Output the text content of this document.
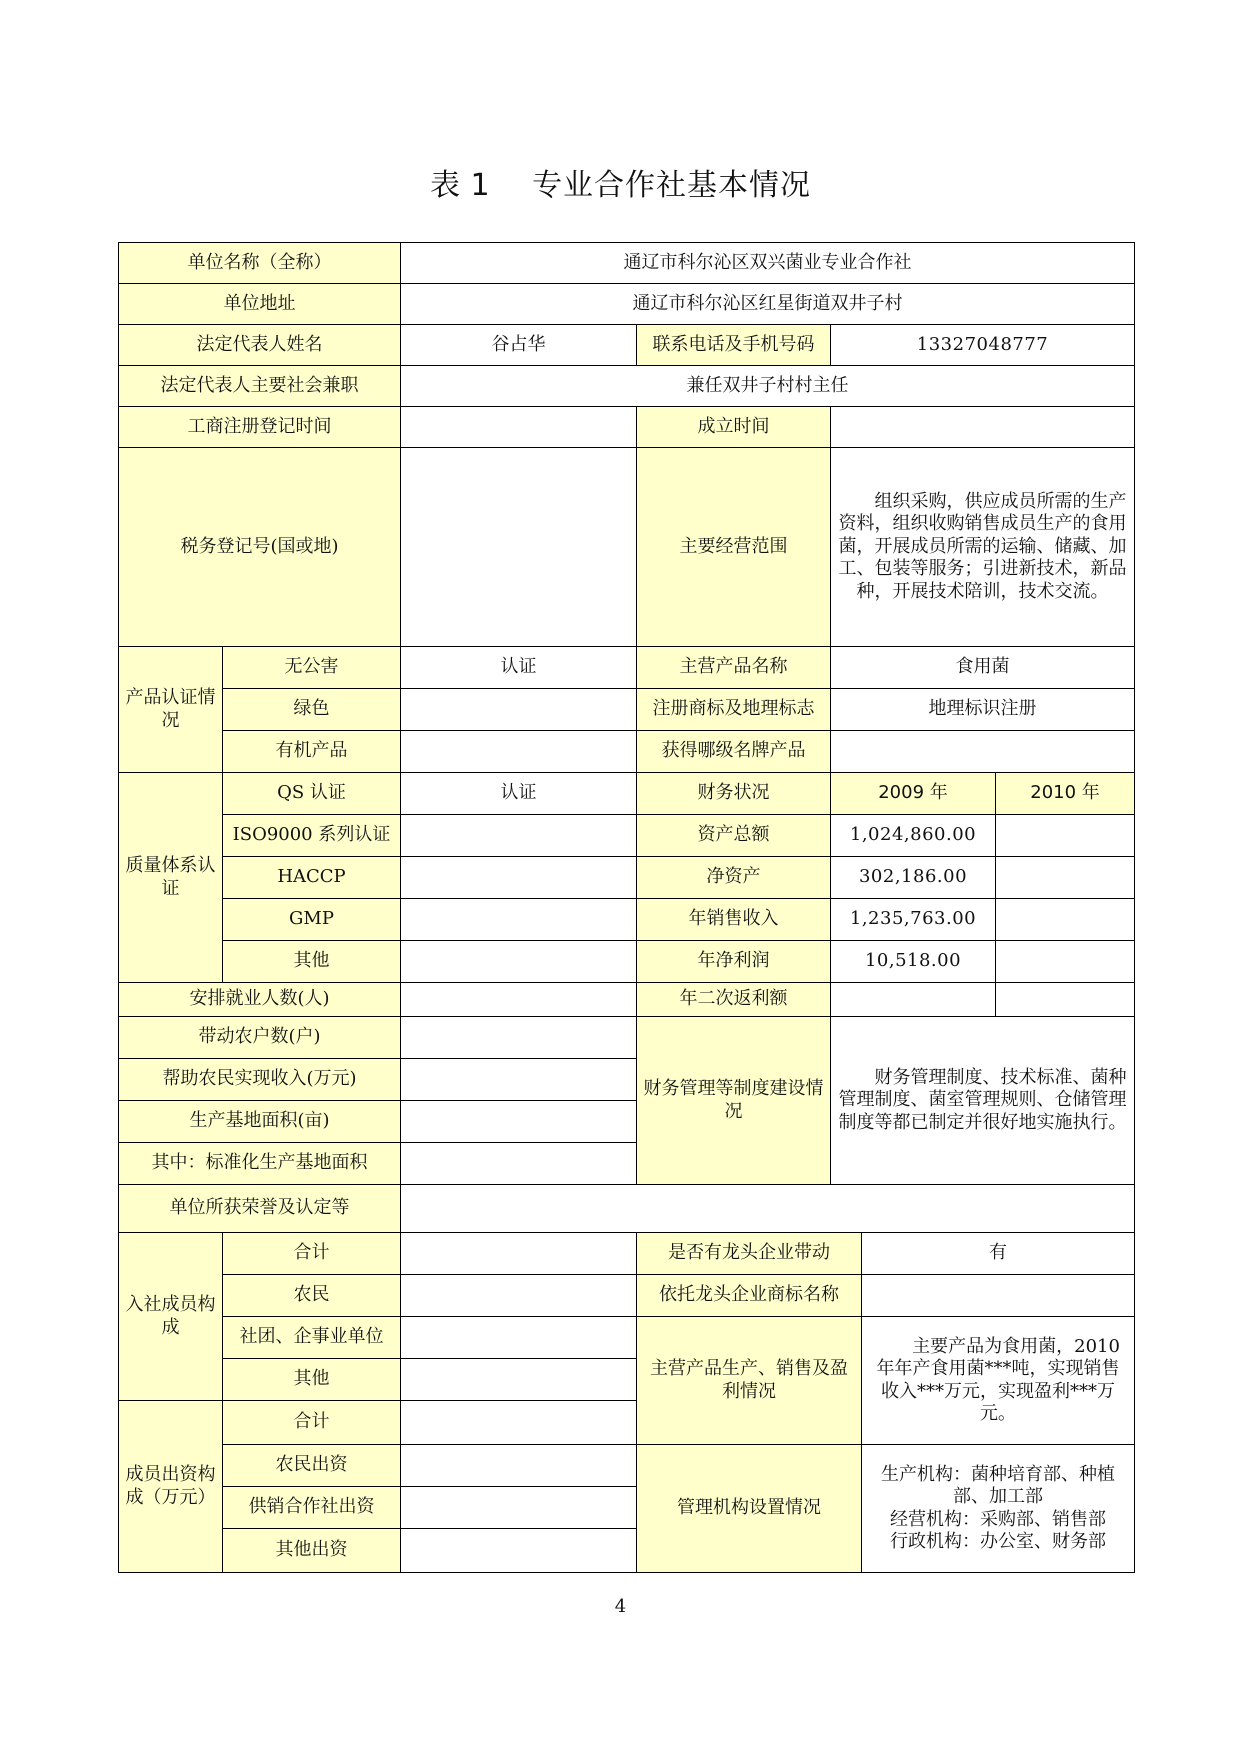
表 1 专业合作社基本情况
单位名称（全称）		通辽市科尔沁区双兴菌业专业合作社				
单位地址		通辽市科尔沁区红星街道双井子村				
法定代表人姓名		谷占华	联系电话及手机号码	13327048777		
法定代表人主要社会兼职		兼任双井子村村主任				
工商注册登记时间			成立时间			
税务登记号(国或地)			主要经营范围	组织采购，供应成员所需的生产资料，组织收购销售成员生产的食用菌，开展成员所需的运输、储藏、加工、包装等服务；引进新技术，新品种，开展技术陪训，技术交流。		
产品认证情况	无公害	认证	主营产品名称	食用菌		
	绿色		注册商标及地理标志	地理标识注册		
	有机产品		获得哪级名牌产品			
质量体系认证	QS 认证	认证	财务状况	2009 年		2010 年
	ISO9000 系列认证		资产总额	1,024,860.00		
	HACCP		净资产	302,186.00		
	GMP		年销售收入	1,235,763.00		
	其他		年净利润	10,518.00		
安排就业人数(人)			年二次返利额			
带动农户数(户)			财务管理等制度建设情况	财务管理制度、技术标准、菌种管理制度、菌室管理规则、仓储管理制度等都已制定并很好地实施执行。		
帮助农民实现收入(万元)						
生产基地面积(亩)						
其中：标准化生产基地面积						
单位所获荣誉及认定等						
入社成员构成	合计		是否有龙头企业带动		有	
	农民		依托龙头企业商标名称			
	社团、企事业单位		主营产品生产、销售及盈利情况		主要产品为食用菌，2010年年产食用菌***吨，实现销售收入***万元，实现盈利***万元。	
	其他					
成员出资构成（万元）	合计					
	农民出资		管理机构设置情况		生产机构：菌种培育部、种植部、加工部
经营机构：采购部、销售部
行政机构：办公室、财务部	

	供销合作社出资					
	其他出资					
4
